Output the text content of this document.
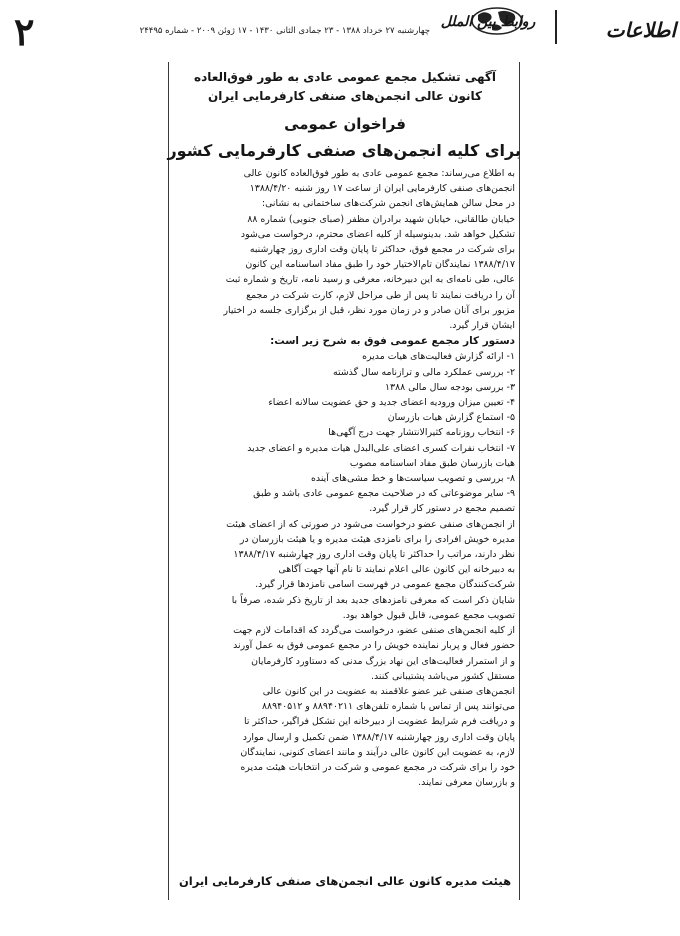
۲	چهارشنبه ۲۷ خرداد ۱۳۸۸ - ۲۳ جمادی الثانی ۱۴۳۰ - ۱۷ ژوئن ۲۰۰۹ - شماره ۲۴۴۹۵
روابط بین الملل	اطلاعات
آگهی تشکیل مجمع عمومی عادی به طور فوق‌العاده
کانون عالی انجمن‌های صنفی کارفرمایی ایران
فراخوان عمومی
برای کلیه انجمن‌های صنفی کارفرمایی کشور
به اطلاع می‌رساند: مجمع عمومی عادی به طور فوق‌العاده کانون عالی
انجمن‌های صنفی کارفرمایی ایران از ساعت ۱۷ روز شنبه ۱۳۸۸/۴/۲۰
در محل سالن همایش‌های انجمن شرکت‌های ساختمانی به نشانی:
خیابان طالقانی، خیابان شهید برادران مظفر (صبای جنوبی) شماره ۸۸
تشکیل خواهد شد. بدینوسیله از کلیه اعضای محترم، درخواست می‌شود
برای شرکت در مجمع فوق، حداکثر تا پایان وقت اداری روز چهارشنبه
۱۳۸۸/۴/۱۷ نمایندگان تام‌الاختیار خود را طبق مفاد اساسنامه این کانون
عالی، طی نامه‌ای به این دبیرخانه، معرفی و رسید نامه، تاریخ و شماره ثبت
آن را دریافت نمایند تا پس از طی مراحل لازم، کارت شرکت در مجمع
مزبور برای آنان صادر و در زمان مورد نظر، قبل از برگزاری جلسه در اختیار
ایشان قرار گیرد.
دستور کار مجمع عمومی فوق به شرح زیر است:
۱- ارائه گزارش فعالیت‌های هیات مدیره
۲- بررسی عملکرد مالی و ترازنامه سال گذشته
۳- بررسی بودجه سال مالی ۱۳۸۸
۴- تعیین میزان ورودیه اعضای جدید و حق عضویت سالانه اعضاء
۵- استماع گزارش هیات بازرسان
۶- انتخاب روزنامه کثیرالانتشار جهت درج آگهی‌ها
۷- انتخاب نفرات کسری اعضای علی‌البدل هیات مدیره و اعضای جدید
هیات بازرسان طبق مفاد اساسنامه مصوب
۸- بررسی و تصویب سیاست‌ها و خط مشی‌های آینده
۹- سایر موضوعاتی که در صلاحیت مجمع عمومی عادی باشد و طبق
تصمیم مجمع در دستور کار قرار گیرد.
از انجمن‌های صنفی عضو درخواست می‌شود در صورتی که از اعضای هیئت
مدیره خویش افرادی را برای نامزدی هیئت مدیره و یا هیئت بازرسان در
نظر دارند، مراتب را حداکثر تا پایان وقت اداری روز چهارشنبه ۱۳۸۸/۴/۱۷
به دبیرخانه این کانون عالی اعلام نمایند تا نام آنها جهت آگاهی
شرکت‌کنندگان مجمع عمومی در فهرست اسامی نامزدها قرار گیرد.
شایان ذکر است که معرفی نامزدهای جدید بعد از تاریخ ذکر شده، صرفاً با
تصویب مجمع عمومی، قابل قبول خواهد بود.
از کلیه انجمن‌های صنفی عضو، درخواست می‌گردد که اقدامات لازم جهت
حضور فعال و پربار نماینده خویش را در مجمع عمومی فوق به عمل آورند
و از استمرار فعالیت‌های این نهاد بزرگ مدنی که دستاورد کارفرمایان
مستقل کشور می‌باشد پشتیبانی کنند.
انجمن‌های صنفی غیر عضو علاقمند به عضویت در این کانون عالی
می‌توانند پس از تماس با شماره تلفن‌های ۸۸۹۴۰۲۱۱ و ۸۸۹۴۰۵۱۲
و دریافت فرم شرایط عضویت از دبیرخانه این تشکل فراگیر، حداکثر تا
پایان وقت اداری روز چهارشنبه ۱۳۸۸/۴/۱۷ ضمن تکمیل و ارسال موارد
لازم، به عضویت این کانون عالی درآیند و مانند اعضای کنونی، نمایندگان
خود را برای شرکت در مجمع عمومی و شرکت در انتخابات هیئت مدیره
و بازرسان معرفی نمایند.
هیئت مدیره کانون عالی انجمن‌های صنفی کارفرمایی ایران
